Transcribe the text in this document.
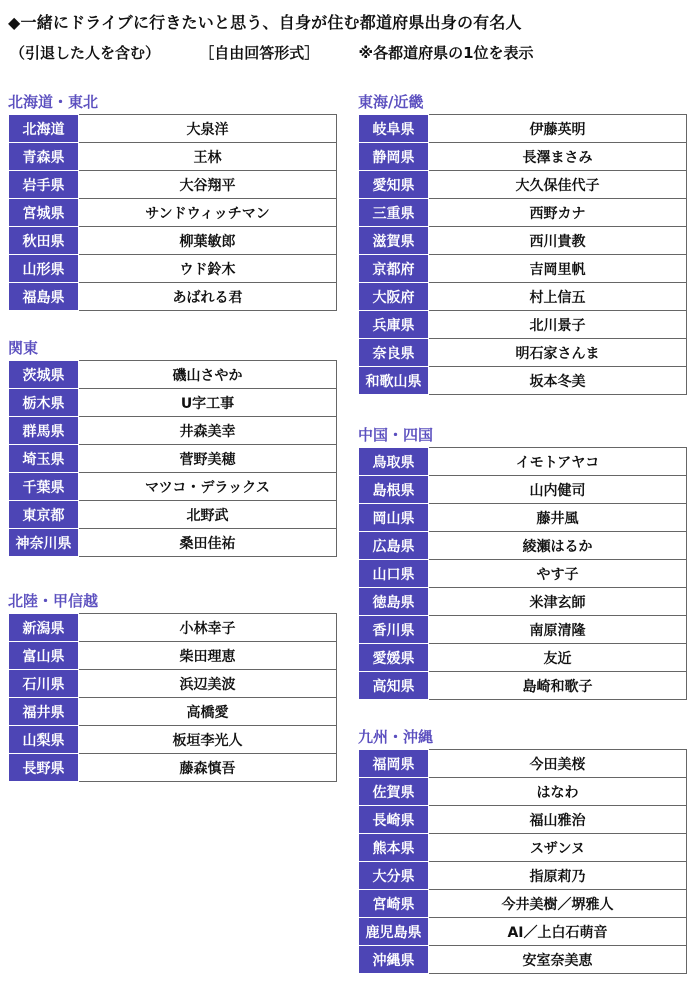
◆一緒にドライブに行きたいと思う、自身が住む都道府県出身の有名人
（引退した人を含む）	［自由回答形式］	※各都道府県の1位を表示
北海道・東北
北海道	大泉洋
青森県	王林
岩手県	大谷翔平
宮城県	サンドウィッチマン
秋田県	柳葉敏郎
山形県	ウド鈴木
福島県	あばれる君
関東
茨城県	磯山さやか
栃木県	U字工事
群馬県	井森美幸
埼玉県	菅野美穂
千葉県	マツコ・デラックス
東京都	北野武
神奈川県	桑田佳祐
北陸・甲信越
新潟県	小林幸子
富山県	柴田理恵
石川県	浜辺美波
福井県	高橋愛
山梨県	板垣李光人
長野県	藤森慎吾
東海/近畿
岐阜県	伊藤英明
静岡県	長澤まさみ
愛知県	大久保佳代子
三重県	西野カナ
滋賀県	西川貴教
京都府	吉岡里帆
大阪府	村上信五
兵庫県	北川景子
奈良県	明石家さんま
和歌山県	坂本冬美
中国・四国
鳥取県	イモトアヤコ
島根県	山内健司
岡山県	藤井風
広島県	綾瀬はるか
山口県	やす子
徳島県	米津玄師
香川県	南原清隆
愛媛県	友近
高知県	島崎和歌子
九州・沖縄
福岡県	今田美桜
佐賀県	はなわ
長崎県	福山雅治
熊本県	スザンヌ
大分県	指原莉乃
宮崎県	今井美樹／堺雅人
鹿児島県	AI／上白石萌音
沖縄県	安室奈美恵
